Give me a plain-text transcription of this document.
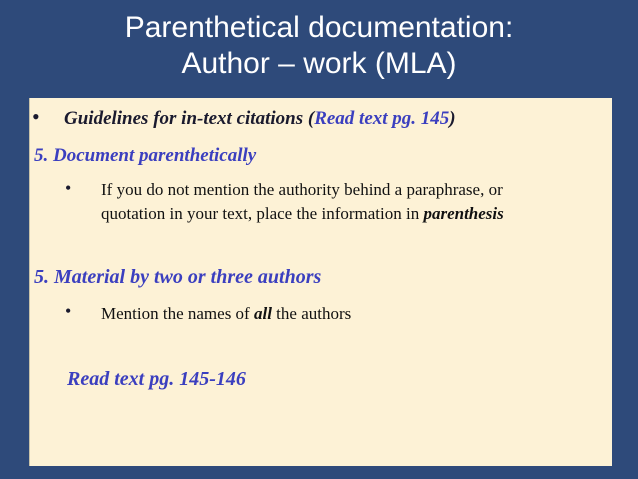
Parenthetical documentation:
Author – work (MLA)
• Guidelines for in-text citations (Read text pg. 145)
5. Document parenthetically
• If you do not mention the authority behind a paraphrase, or
quotation in your text, place the information in parenthesis
5. Material by two or three authors
• Mention the names of all the authors
Read text pg. 145-146
